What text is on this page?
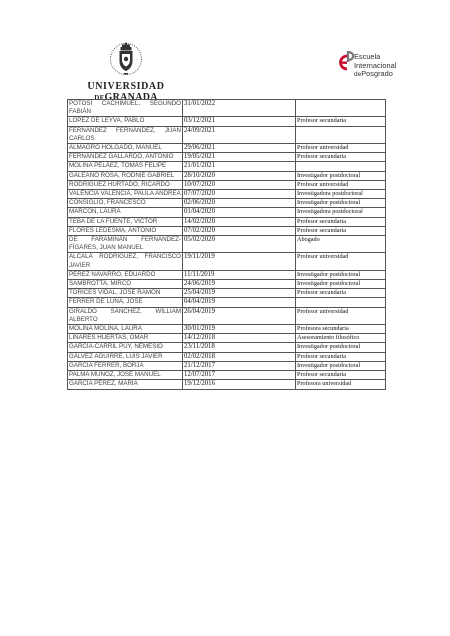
UNIVERSIDAD
DEGRANADA
Escuela
Internacional
dePosgrado
POTOSÍ CACHIMUEL, SEGUNDO FABIÁN	31/01/2022	
LÓPEZ DE LEYVA, PABLO	03/12/2021	Profesor secundaria
FERNÁNDEZ FERNÁNDEZ, JUAN CARLOS	24/09/2021	
ALMAGRO HOLGADO, MANUEL	29/06/2021	Profesor universidad
FERNÁNDEZ GALLARDO, ANTONIO	19/05/2021	Profesor secundaria
MOLINA PELÁEZ, TOMÁS FELIPE	21/01/2021	
GALEANO ROSA, RODNIE GABRIEL	28/10/2020	Investigador postdoctoral
RODRÍGUEZ HURTADO, RICARDO	10/07/2020	Profesor universidad
VALENCIA VALENCIA, PAULA ANDREA	07/07/2020	Investigadora postdoctoral
CONSIGLIO, FRANCESCO	02/06/2020	Investigador postdoctoral
MARCON, LAURA	01/04/2020	Investigadora postdoctoral
TEBA DE LA FUENTE, VÍCTOR	14/02/2020	Profesor secundaria
FLORES LEDESMA, ANTONIO	07/02/2020	Profesor secundaria
DE FARAMIÑÁN FERNÁNDEZ-FÍGARES, JUAN MANUEL	05/02/2020	Abogado
ALCALÁ RODRÍGUEZ, FRANCISCO JAVIER	19/11/2019	Profesor universidad
PÉREZ NAVARRO, EDUARDO	11/11/2019	Investigador postdoctoral
SAMBROTTA, MIRCO	24/06/2019	Investigador postdoctoral
TORICES VIDAL, JOSÉ RAMÓN	25/04/2019	Profesor secundaria
FERRER DE LUNA, JOSE	04/04/2019	
GIRALDO SÁNCHEZ, WILLIAM ALBERTO	26/04/2019	Profesor universidad
MOLINA MOLINA, LAURA	30/01/2019	Profesora secundaria
LINARES HUERTAS, OMAR	14/12/2018	Asesoramiento filosófico
GARCÍA-CARRIL PUY, NEMESIO	23/11/2018	Investigador postdoctoral
GÁLVEZ AGUIRRE, LUIS JAVIER	02/02/2018	Profesor secundaria
GARCÍA FERRER, BORJA	21/12/2017	Investigador postdoctoral
PALMA MUÑOZ, JOSÉ MANUEL	12/07/2017	Profesor secundaria
GARCÍA PÉREZ, MARÍA	19/12/2016	Profesora universidad
